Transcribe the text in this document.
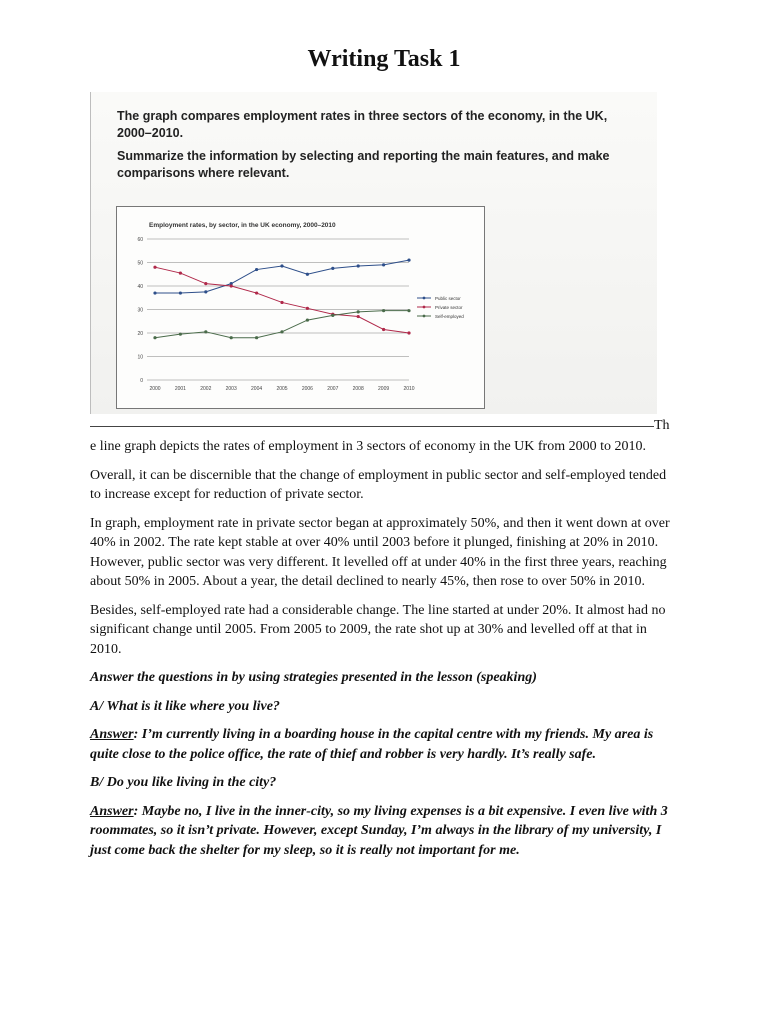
Writing Task 1

The graph compares employment rates in three sectors of the economy, in the UK, 2000–2010.

Summarize the information by selecting and reporting the main features, and make comparisons where relevant.

Employment rates, by sector, in the UK economy, 2000–2010
0
10
20
30
40
50
60
2000	2001	2002	2003	2004	2005	2006	2007	2008	2009	2010
Public sector
Private sector
Self-employed
Th

e line graph depicts the rates of employment in 3 sectors of economy in the UK from 2000 to 2010.

Overall, it can be discernible that the change of employment in public sector and self-employed tended to increase except for reduction of private sector.

In graph, employment rate in private sector began at approximately 50%, and then it went down at over 40% in 2002. The rate kept stable at over 40% until 2003 before it plunged, finishing at 20% in 2010. However, public sector was very different. It levelled off at under 40% in the first three years, reaching about 50% in 2005. About a year, the detail declined to nearly 45%, then rose to over 50% in 2010.

Besides, self-employed rate had a considerable change. The line started at under 20%. It almost had no significant change until 2005. From 2005 to 2009, the rate shot up at 30% and levelled off at that in 2010.

Answer the questions in by using strategies presented in the lesson (speaking)

A/ What is it like where you live?

Answer: I’m currently living in a boarding house in the capital centre with my friends. My area is quite close to the police office, the rate of thief and robber is very hardly. It’s really safe.

B/ Do you like living in the city?

Answer: Maybe no, I live in the inner-city, so my living expenses is a bit expensive. I even live with 3 roommates, so it isn’t private. However, except Sunday, I’m always in the library of my university, I just come back the shelter for my sleep, so it is really not important for me.
